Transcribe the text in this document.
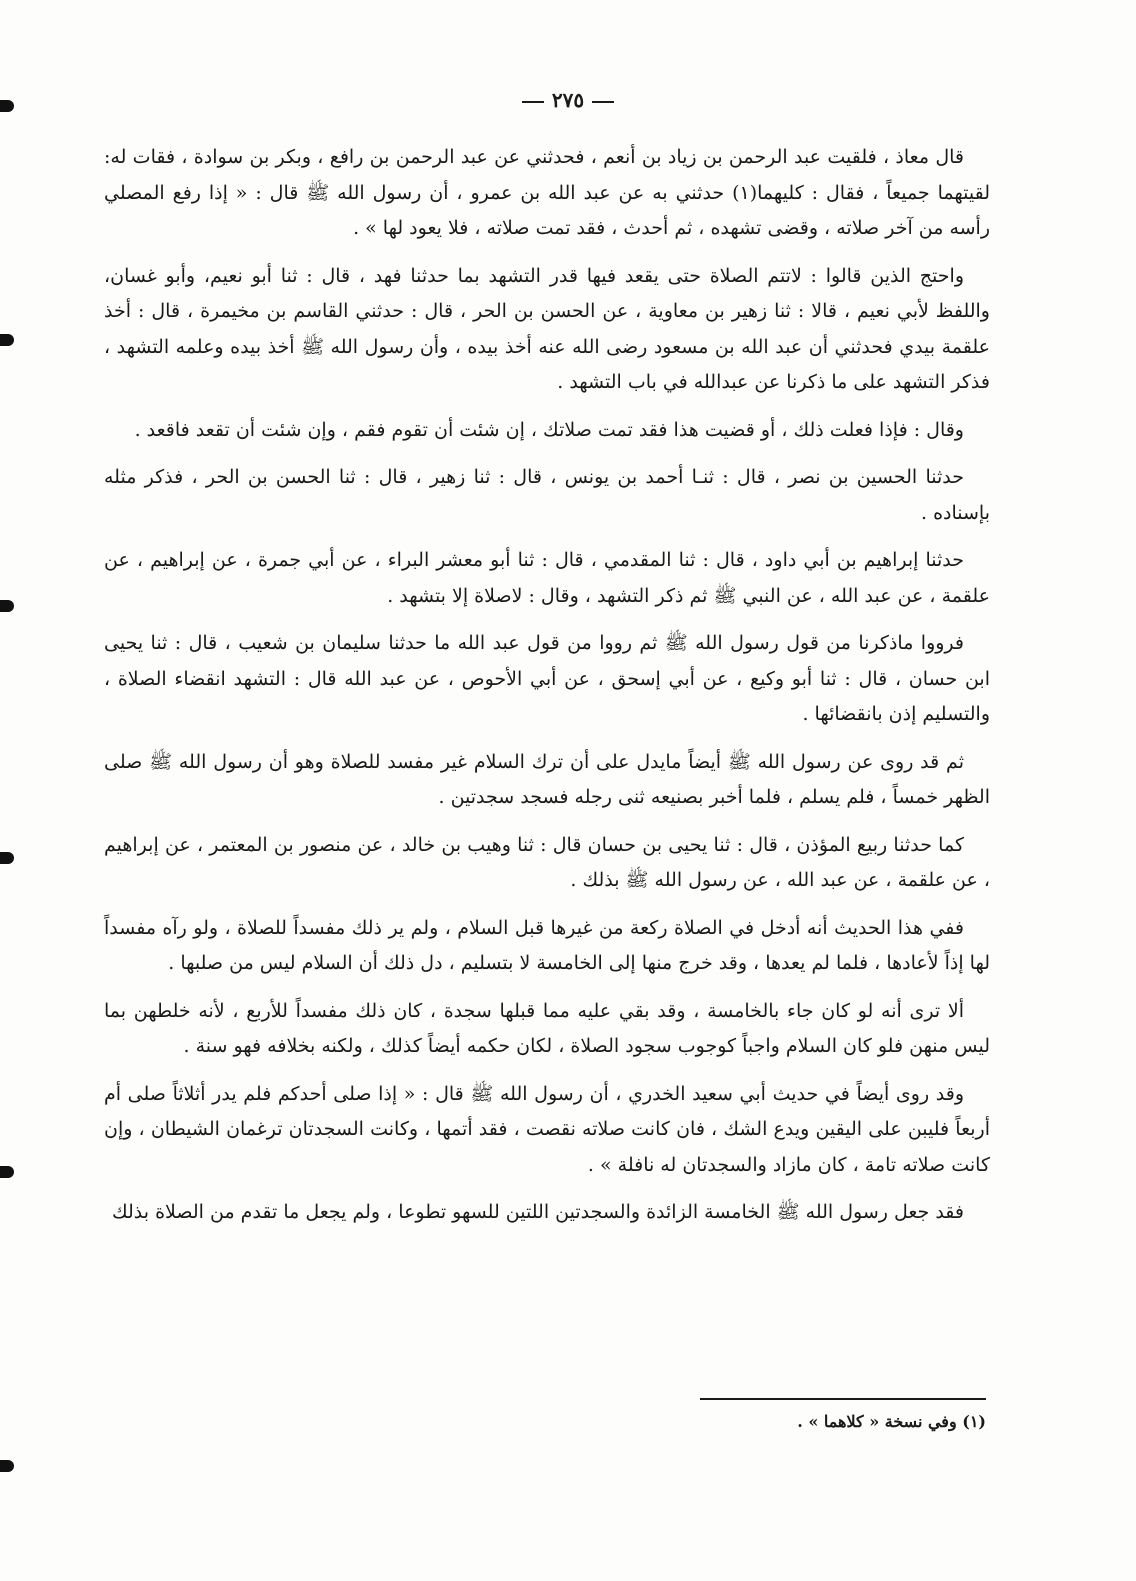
٢٧٥

قال معاذ ، فلقيت عبد الرحمن بن زياد بن أنعم ، فحدثني عن عبد الرحمن بن رافع ، وبكر بن سوادة ، فقات له: لقيتهما جميعاً ، فقال : كليهما(١) حدثني به عن عبد الله بن عمرو ، أن رسول الله ﷺ قال : « إذا رفع المصلي رأسه من آخر صلاته ، وقضى تشهده ، ثم أحدث ، فقد تمت صلاته ، فلا يعود لها » .

واحتج الذين قالوا : لاتتم الصلاة حتى يقعد فيها قدر التشهد بما حدثنا فهد ، قال : ثنا أبو نعيم، وأبو غسان، واللفظ لأبي نعيم ، قالا : ثنا زهير بن معاوية ، عن الحسن بن الحر ، قال : حدثني القاسم بن مخيمرة ، قال : أخذ علقمة بيدي فحدثني أن عبد الله بن مسعود رضى الله عنه أخذ بيده ، وأن رسول الله ﷺ أخذ بيده وعلمه التشهد ، فذكر التشهد على ما ذكرنا عن عبدالله في باب التشهد .

وقال : فإذا فعلت ذلك ، أو قضيت هذا فقد تمت صلاتك ، إن شئت أن تقوم فقم ، وإن شئت أن تقعد فاقعد .

حدثنا الحسين بن نصر ، قال : ثنـا أحمد بن يونس ، قال : ثنا زهير ، قال : ثنا الحسن بن الحر ، فذكر مثله بإسناده .

حدثنا إبراهيم بن أبي داود ، قال : ثنا المقدمي ، قال : ثنا أبو معشر البراء ، عن أبي جمرة ، عن إبراهيم ، عن علقمة ، عن عبد الله ، عن النبي ﷺ ثم ذكر التشهد ، وقال : لاصلاة إلا بتشهد .

فرووا ماذكرنا من قول رسول الله ﷺ ثم رووا من قول عبد الله ما حدثنا سليمان بن شعيب ، قال : ثنا يحيى ابن حسان ، قال : ثنا أبو وكيع ، عن أبي إسحق ، عن أبي الأحوص ، عن عبد الله قال : التشهد انقضاء الصلاة ، والتسليم إذن بانقضائها .

ثم قد روى عن رسول الله ﷺ أيضاً مايدل على أن ترك السلام غير مفسد للصلاة وهو أن رسول الله ﷺ صلى الظهر خمساً ، فلم يسلم ، فلما أخبر بصنيعه ثنى رجله فسجد سجدتين .

كما حدثنا ربيع المؤذن ، قال : ثنا يحيى بن حسان قال : ثنا وهيب بن خالد ، عن منصور بن المعتمر ، عن إبراهيم ، عن علقمة ، عن عبد الله ، عن رسول الله ﷺ بذلك .

ففي هذا الحديث أنه أدخل في الصلاة ركعة من غيرها قبل السلام ، ولم ير ذلك مفسداً للصلاة ، ولو رآه مفسداً لها إذاً لأعادها ، فلما لم يعدها ، وقد خرج منها إلى الخامسة لا بتسليم ، دل ذلك أن السلام ليس من صلبها .

ألا ترى أنه لو كان جاء بالخامسة ، وقد بقي عليه مما قبلها سجدة ، كان ذلك مفسداً للأربع ، لأنه خلطهن بما ليس منهن فلو كان السلام واجباً كوجوب سجود الصلاة ، لكان حكمه أيضاً كذلك ، ولكنه بخلافه فهو سنة .

وقد روى أيضاً في حديث أبي سعيد الخدري ، أن رسول الله ﷺ قال : « إذا صلى أحدكم فلم يدر أثلاثاً صلى أم أربعاً فليبن على اليقين ويدع الشك ، فان كانت صلاته نقصت ، فقد أتمها ، وكانت السجدتان ترغمان الشيطان ، وإن كانت صلاته تامة ، كان مازاد والسجدتان له نافلة » .

فقد جعل رسول الله ﷺ الخامسة الزائدة والسجدتين اللتين للسهو تطوعا ، ولم يجعل ما تقدم من الصلاة بذلك

(١) وفي نسخة « كلاهما » .
